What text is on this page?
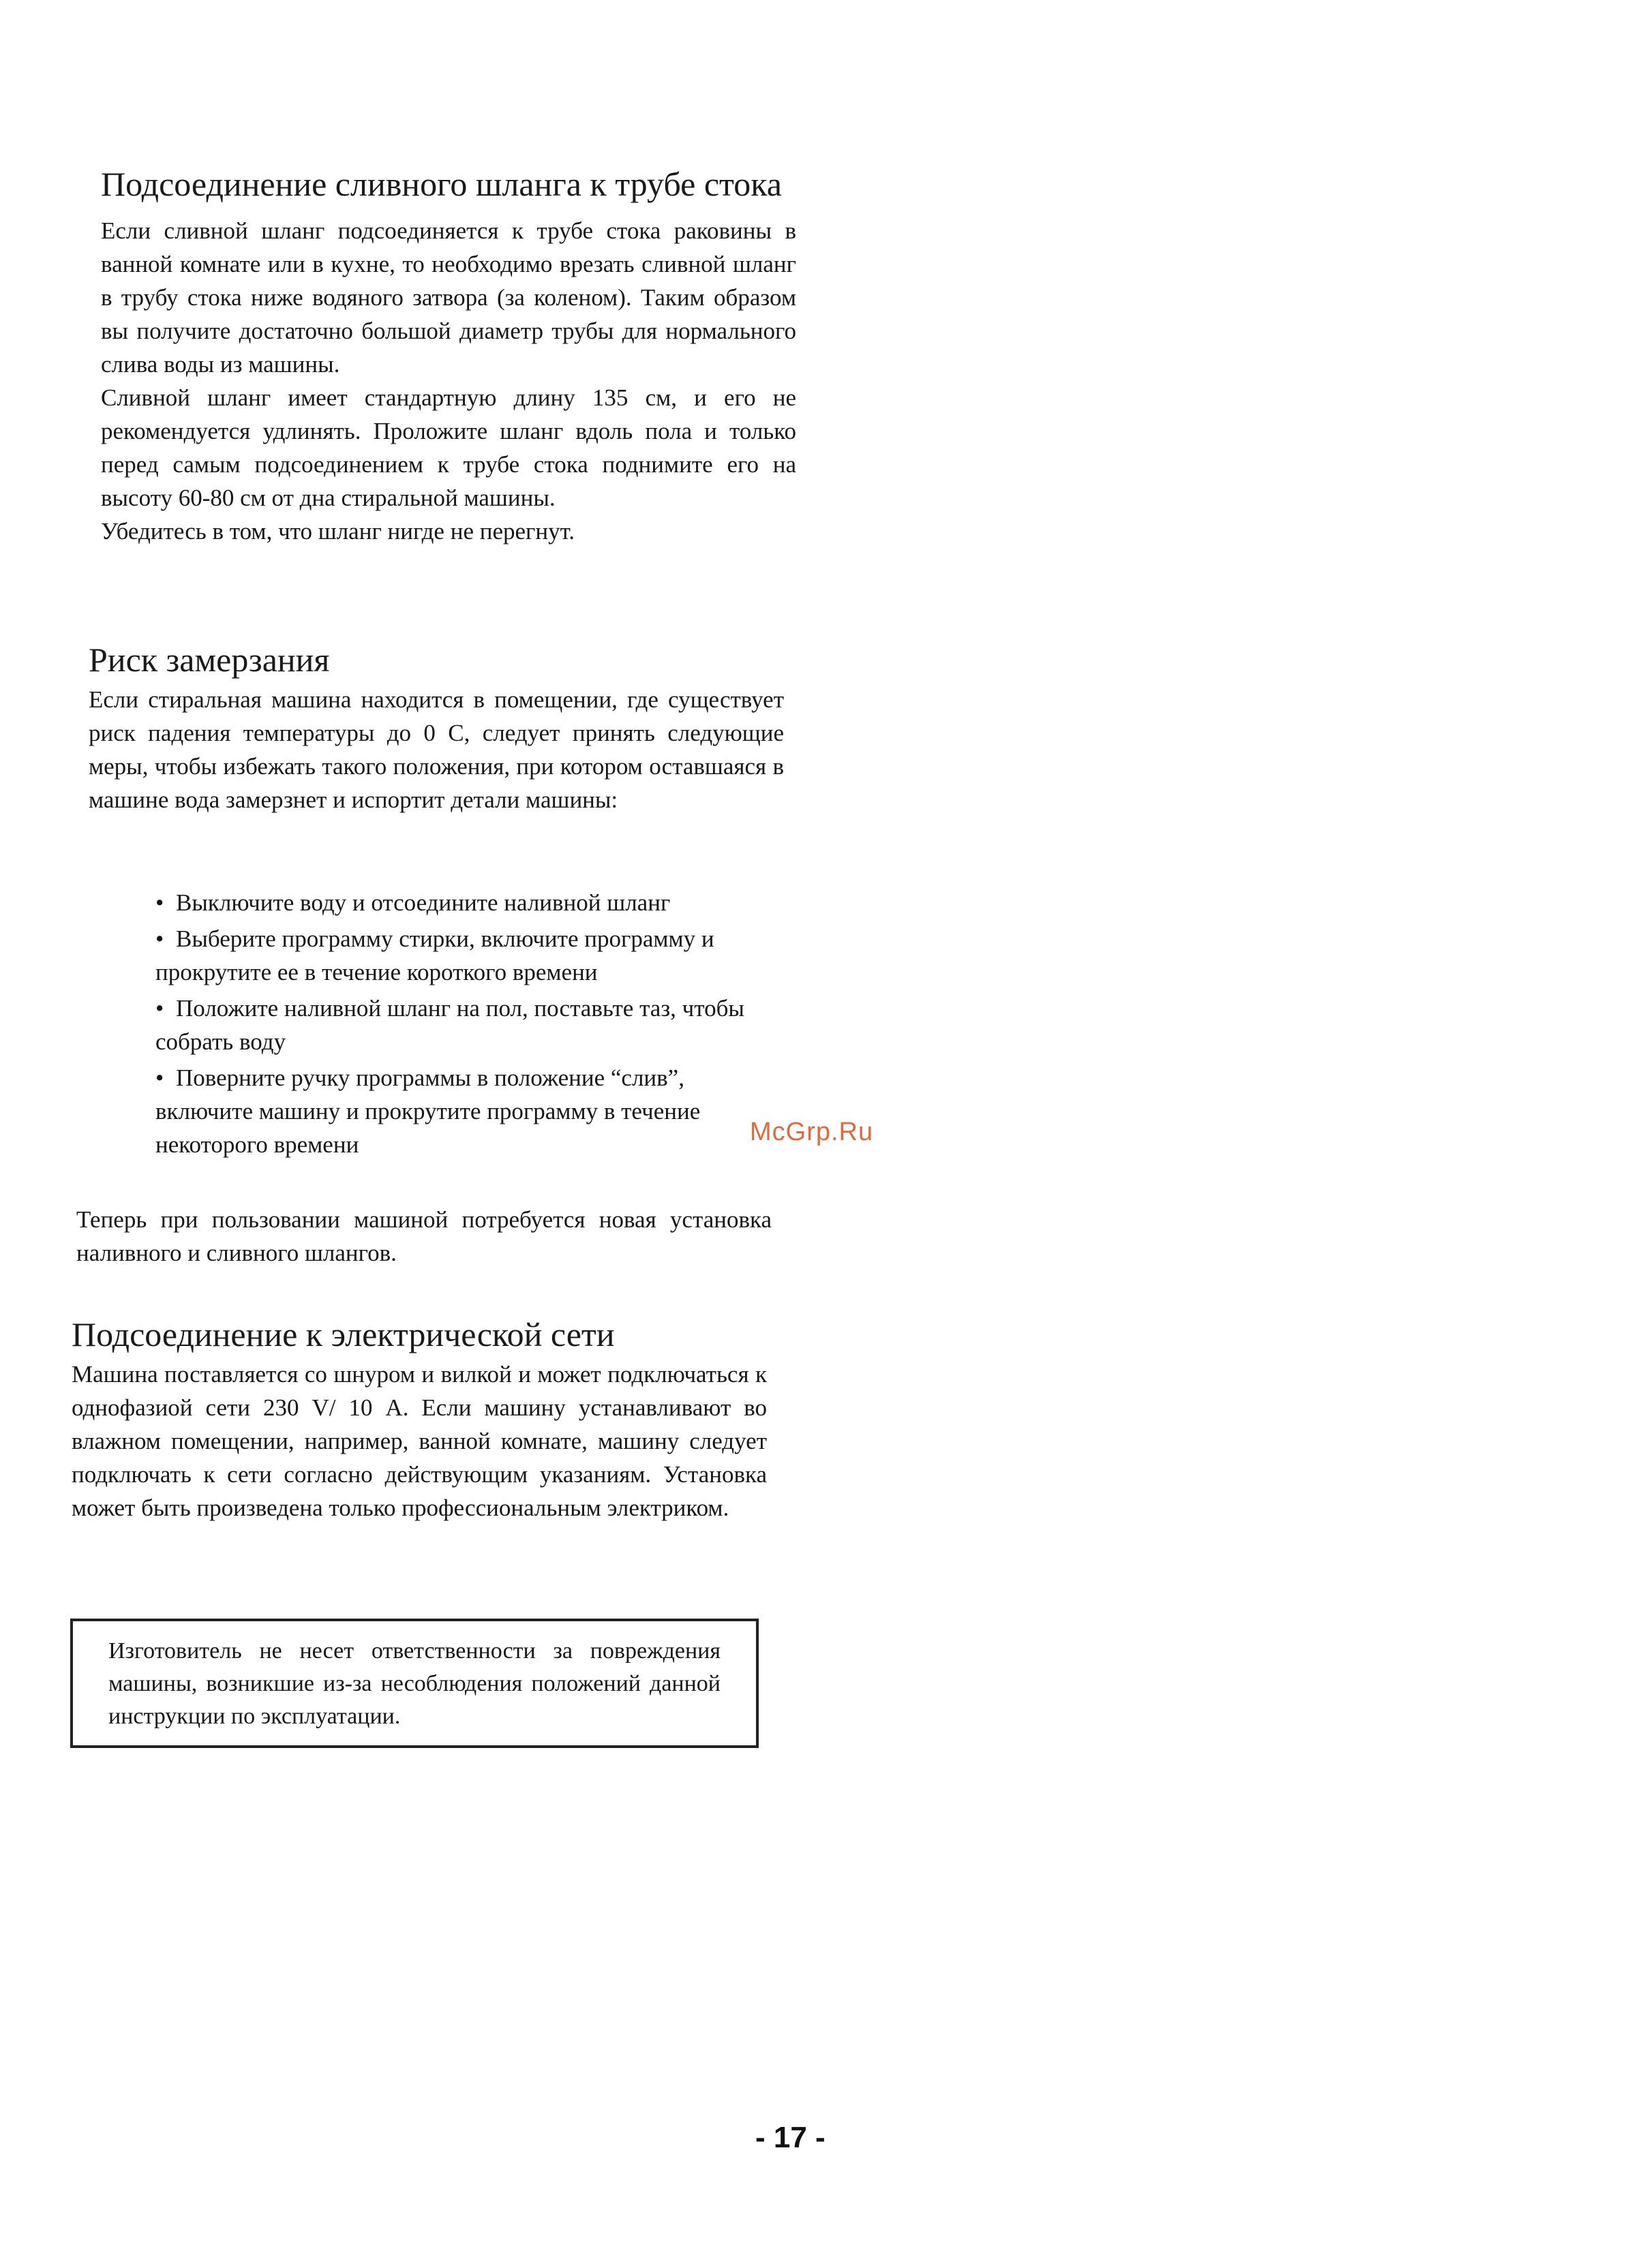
Подсоединение сливного шланга к трубе стока

Если сливной шланг подсоединяется к трубе стока раковины в ванной комнате или в кухне, то необходимо врезать сливной шланг в трубу стока ниже водяного затвора (за коленом). Таким образом вы получите достаточно большой диаметр трубы для нормального слива воды из машины.

Сливной шланг имеет стандартную длину 135 см, и его не рекомендуется удлинять. Проложите шланг вдоль пола и только перед самым подсоединением к трубе стока поднимите его на высоту 60-80 см от дна стиральной машины.

Убедитесь в том, что шланг нигде не перегнут.

Риск замерзания

Если стиральная машина находится в помещении, где существует риск падения температуры до 0 С, следует принять следующие меры, чтобы избежать такого положения, при котором оставшаяся в машине вода замерзнет и испортит детали машины:

• Выключите воду и отсоедините наливной шланг
• Выберите программу стирки, включите программу и прокрутите ее в течение короткого времени
• Положите наливной шланг на пол, поставьте таз, чтобы собрать воду
• Поверните ручку программы в положение “слив”, включите машину и прокрутите программу в течение некоторого времени

Теперь при пользовании машиной потребуется новая установка наливного и сливного шлангов.

Подсоединение к электрической сети

Машина поставляется со шнуром и вилкой и может подключаться к однофазиой сети 230 V/ 10 А. Если машину устанавливают во влажном помещении, например, ванной комнате, машину следует подключать к сети согласно действующим указаниям. Установка может быть произведена только профессиональным электриком.

Изготовитель не несет ответственности за повреждения машины, возникшие из-за несоблюдения положений данной инструкции по эксплуатации.

McGrp.Ru
- 17 -
